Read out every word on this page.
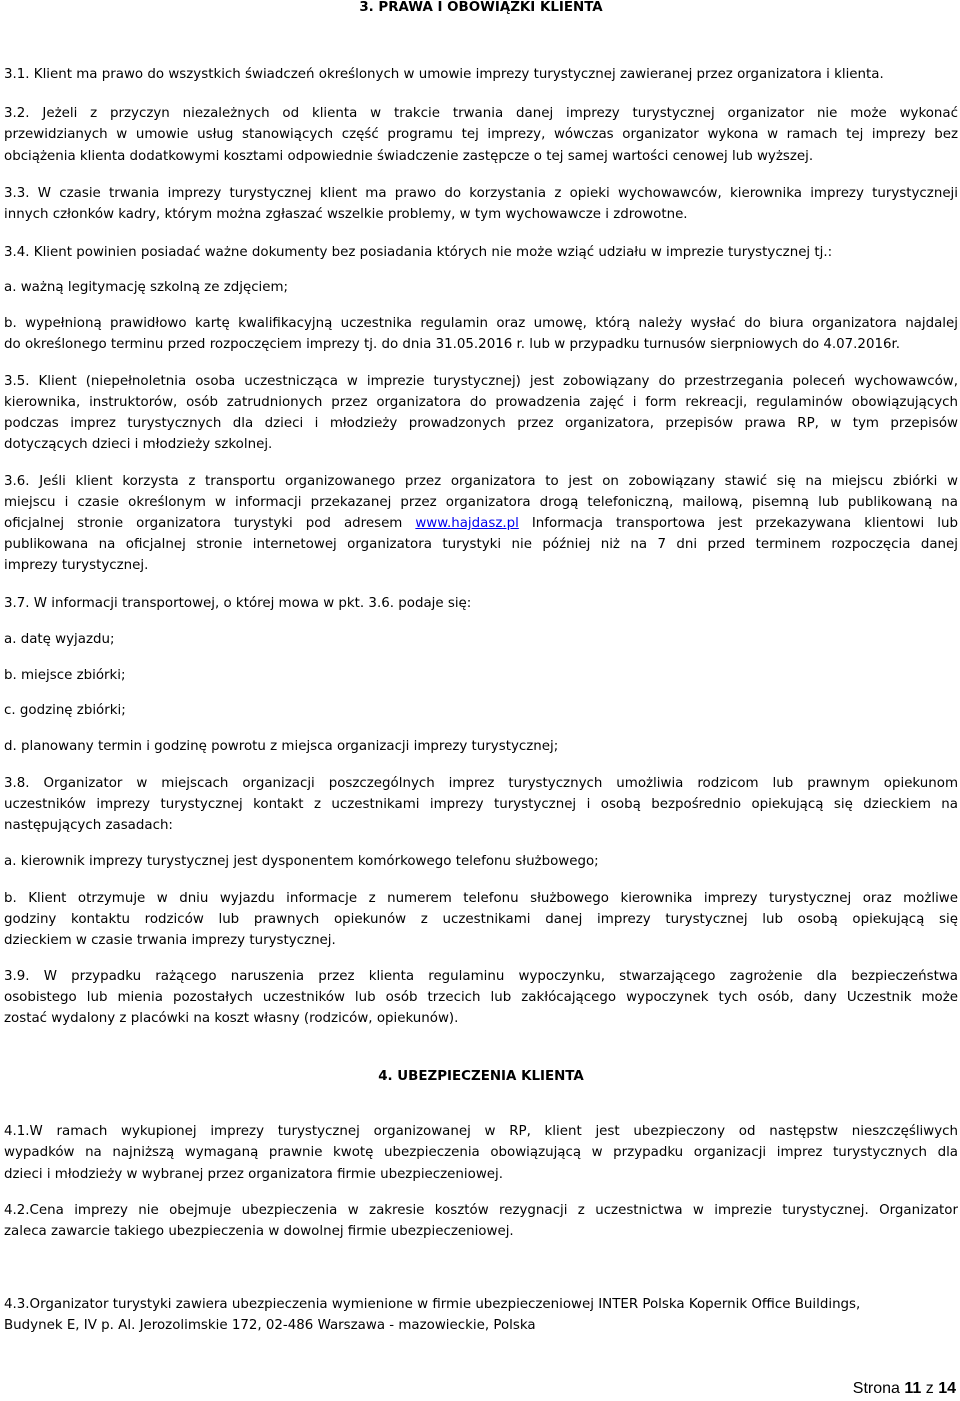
3. PRAWA I OBOWIĄZKI KLIENTA
3.1. Klient ma prawo do wszystkich świadczeń określonych w umowie imprezy turystycznej zawieranej przez organizatora i klienta.
3.2. Jeżeli z przyczyn niezależnych od klienta w trakcie trwania danej imprezy turystycznej organizator nie może wykonać
przewidzianych w umowie usług stanowiących część programu tej imprezy, wówczas organizator wykona w ramach tej imprezy bez
obciążenia klienta dodatkowymi kosztami odpowiednie świadczenie zastępcze o tej samej wartości cenowej lub wyższej.
3.3. W czasie trwania imprezy turystycznej klient ma prawo do korzystania z opieki wychowawców, kierownika imprezy turystyczneji
innych członków kadry, którym można zgłaszać wszelkie problemy, w tym wychowawcze i zdrowotne.
3.4. Klient powinien posiadać ważne dokumenty bez posiadania których nie może wziąć udziału w imprezie turystycznej tj.:
a. ważną legitymację szkolną ze zdjęciem;
b. wypełnioną prawidłowo kartę kwalifikacyjną uczestnika regulamin oraz umowę, którą należy wysłać do biura organizatora najdalej
do określonego terminu przed rozpoczęciem imprezy tj. do dnia 31.05.2016 r. lub w przypadku turnusów sierpniowych do 4.07.2016r.
3.5. Klient (niepełnoletnia osoba uczestnicząca w imprezie turystycznej) jest zobowiązany do przestrzegania poleceń wychowawców,
kierownika, instruktorów, osób zatrudnionych przez organizatora do prowadzenia zajęć i form rekreacji, regulaminów obowiązujących
podczas imprez turystycznych dla dzieci i młodzieży prowadzonych przez organizatora, przepisów prawa RP, w tym przepisów
dotyczących dzieci i młodzieży szkolnej.
3.6. Jeśli klient korzysta z transportu organizowanego przez organizatora to jest on zobowiązany stawić się na miejscu zbiórki w
miejscu i czasie określonym w informacji przekazanej przez organizatora drogą telefoniczną, mailową, pisemną lub publikowaną na
oficjalnej stronie organizatora turystyki pod adresem www.hajdasz.pl Informacja transportowa jest przekazywana klientowi lub
publikowana na oficjalnej stronie internetowej organizatora turystyki nie później niż na 7 dni przed terminem rozpoczęcia danej
imprezy turystycznej.
3.7. W informacji transportowej, o której mowa w pkt. 3.6. podaje się:
a. datę wyjazdu;
b. miejsce zbiórki;
c. godzinę zbiórki;
d. planowany termin i godzinę powrotu z miejsca organizacji imprezy turystycznej;
3.8. Organizator w miejscach organizacji poszczególnych imprez turystycznych umożliwia rodzicom lub prawnym opiekunom
uczestników imprezy turystycznej kontakt z uczestnikami imprezy turystycznej i osobą bezpośrednio opiekującą się dzieckiem na
następujących zasadach:
a. kierownik imprezy turystycznej jest dysponentem komórkowego telefonu służbowego;
b. Klient otrzymuje w dniu wyjazdu informacje z numerem telefonu służbowego kierownika imprezy turystycznej oraz możliwe
godziny kontaktu rodziców lub prawnych opiekunów z uczestnikami danej imprezy turystycznej lub osobą opiekującą się
dzieckiem w czasie trwania imprezy turystycznej.
3.9. W przypadku rażącego naruszenia przez klienta regulaminu wypoczynku, stwarzającego zagrożenie dla bezpieczeństwa
osobistego lub mienia pozostałych uczestników lub osób trzecich lub zakłócającego wypoczynek tych osób, dany Uczestnik może
zostać wydalony z placówki na koszt własny (rodziców, opiekunów).
4. UBEZPIECZENIA KLIENTA
4.1.W ramach wykupionej imprezy turystycznej organizowanej w RP, klient jest ubezpieczony od następstw nieszczęśliwych
wypadków na najniższą wymaganą prawnie kwotę ubezpieczenia obowiązującą w przypadku organizacji imprez turystycznych dla
dzieci i młodzieży w wybranej przez organizatora firmie ubezpieczeniowej.
4.2.Cena imprezy nie obejmuje ubezpieczenia w zakresie kosztów rezygnacji z uczestnictwa w imprezie turystycznej. Organizator
zaleca zawarcie takiego ubezpieczenia w dowolnej firmie ubezpieczeniowej.
4.3.Organizator turystyki zawiera ubezpieczenia wymienione w firmie ubezpieczeniowej INTER Polska Kopernik Office Buildings,
Budynek E, IV p. Al. Jerozolimskie 172, 02-486 Warszawa - mazowieckie, Polska
Strona 11 z 14
